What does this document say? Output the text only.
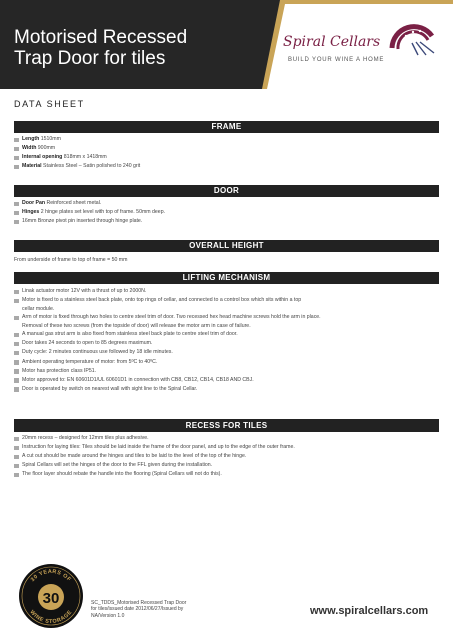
Motorised Recessed
Trap Door for tiles
Spiral Cellars
BUILD YOUR WINE A HOME
DATA SHEET
FRAME
Length 1510mm
Width 900mm
Internal opening 818mm x 1418mm
Material Stainless Steel – Satin polished to 240 grit
DOOR
Door Pan Reinforced sheet metal.
Hinges 2 hinge plates set level with top of frame. 50mm deep.
16mm Bronze pivot pin inserted through hinge plate.
OVERALL HEIGHT
From underside of frame to top of frame = 50 mm
LIFTING MECHANISM
Linak actuator motor 12V with a thrust of up to 2000N.
Motor is fixed to a stainless steel back plate, onto top rings of cellar, and connected to a control box which sits within a top
cellar module.
Arm of motor is fixed through two holes to centre steel trim of door. Two recessed hex head machine screws hold the arm in place.
Removal of these two screws (from the topside of door) will release the motor arm in case of failure.
A manual gas strut arm is also fixed from stainless steel back plate to centre steel trim of door.
Door takes 24 seconds to open to 85 degrees maximum.
Duty cycle: 2 minutes continuous use followed by 18 idle minutes.
Ambient operating temperature of motor: from 5ºC to 40ºC.
Motor has protection class IP51.
Motor approved to: EN 60601D1/UL 60601D1 in connection with CB8, CB12, CB14, CB18 AND CBJ.
Door is operated by switch on nearest wall with sight line to the Spiral Cellar.
RECESS FOR TILES
20mm recess – designed for 12mm tiles plus adhesive.
Instruction for laying tiles: Tiles should be laid inside the frame of the door panel, and up to the edge of the outer frame.
A cut out should be made around the hinges and tiles to be laid to the level of the top of the hinge.
Spiral Cellars will set the hinges of the door to the FFL given during the installation.
The floor layer should rebate the handle into the flooring (Spiral Cellars will not do this).
30 YEARS OF
30
WINE STORAGE
SC_TDDS_Motorised Recessed Trap Door
for tiles/issued date 2012/06/27/Issued by
NA/Version 1.0	www.spiralcellars.com
